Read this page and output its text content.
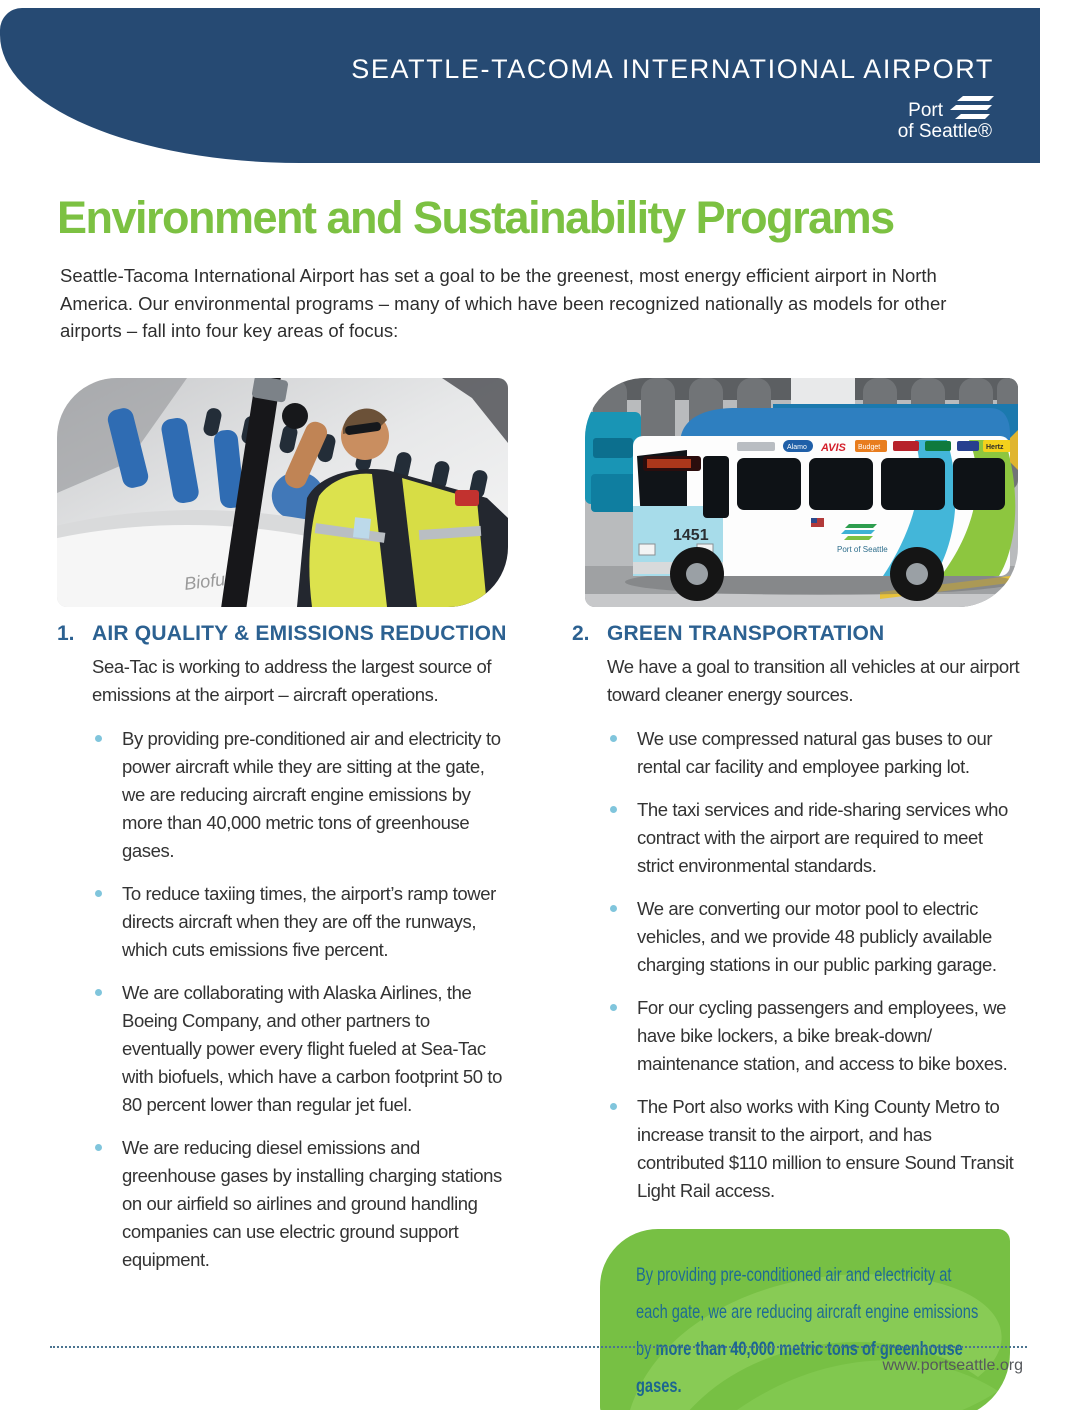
SEATTLE-TACOMA INTERNATIONAL AIRPORT
Port
of Seattle®
Environment and Sustainability Programs

Seattle-Tacoma International Airport has set a goal to be the greenest, most energy efficient airport in North America. Our environmental programs – many of which have been recognized nationally as models for other airports – fall into four key areas of focus:

Biofuel
1451
Alamo AVIS Budget	Hertz
Port of Seattle
1. AIR QUALITY & EMISSIONS REDUCTION

Sea-Tac is working to address the largest source of emissions at the airport – aircraft operations.

By providing pre-conditioned air and electricity to power aircraft while they are sitting at the gate, we are reducing aircraft engine emissions by more than 40,000 metric tons of greenhouse gases.
To reduce taxiing times, the airport’s ramp tower directs aircraft when they are off the runways, which cuts emissions five percent.
We are collaborating with Alaska Airlines, the Boeing Company, and other partners to eventually power every flight fueled at Sea-Tac with biofuels, which have a carbon footprint 50 to 80 percent lower than regular jet fuel.
We are reducing diesel emissions and greenhouse gases by installing charging stations on our airfield so airlines and ground handling companies can use electric ground support equipment.
2. GREEN TRANSPORTATION

We have a goal to transition all vehicles at our airport toward cleaner energy sources.

We use compressed natural gas buses to our rental car facility and employee parking lot.
The taxi services and ride-sharing services who contract with the airport are required to meet strict environmental standards.
We are converting our motor pool to electric vehicles, and we provide 48 publicly available charging stations in our public parking garage.
For our cycling passengers and employees, we have bike lockers, a bike break-down/ maintenance station, and access to bike boxes.
The Port also works with King County Metro to increase transit to the airport, and has contributed $110 million to ensure Sound Transit Light Rail access.

By providing pre-conditioned air and electricity at each gate, we are reducing aircraft engine emissions by more than 40,000 metric tons of greenhouse gases.

www.portseattle.org
